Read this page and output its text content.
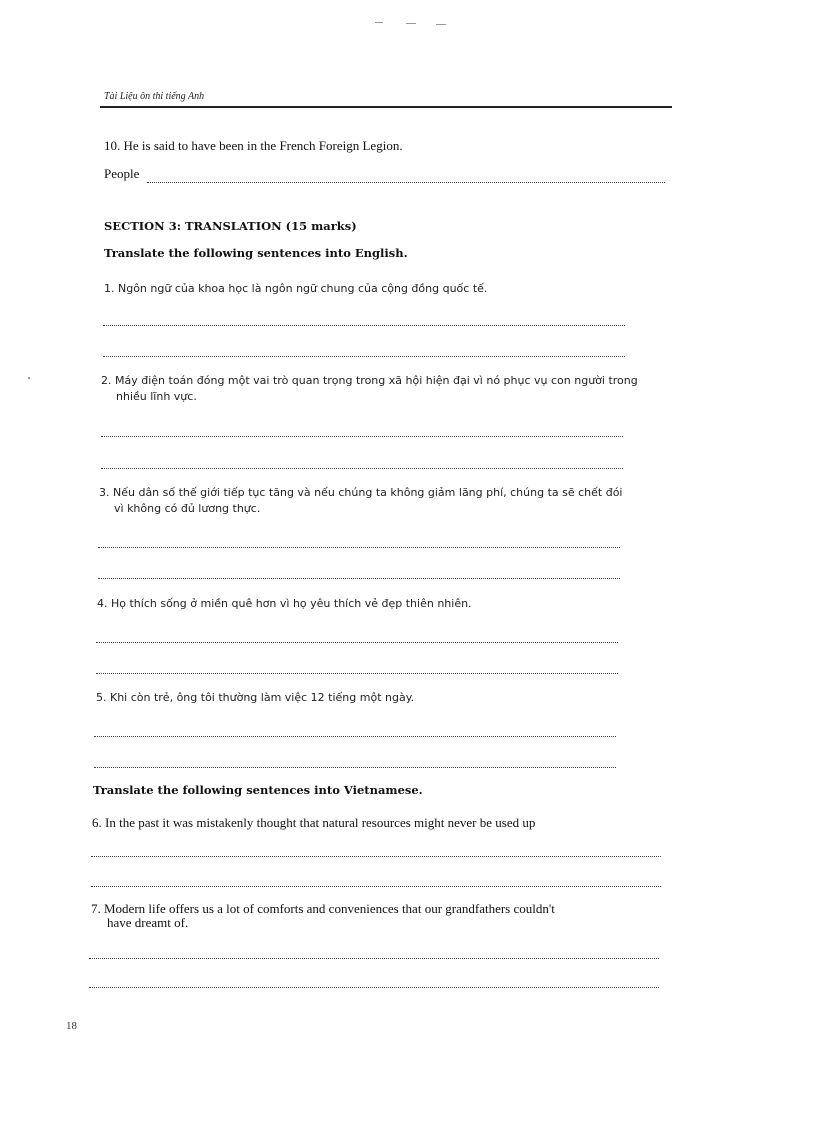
Tài Liệu ôn thi tiếng Anh
10. He is said to have been in the French Foreign Legion.
People
SECTION 3: TRANSLATION (15 marks)
Translate the following sentences into English.
1. Ngôn ngữ của khoa học là ngôn ngữ chung của cộng đồng quốc tế.
2. Máy điện toán đóng một vai trò quan trọng trong xã hội hiện đại vì nó phục vụ con người trong
nhiều lĩnh vực.
3. Nếu dân số thế giới tiếp tục tăng và nếu chúng ta không giảm lãng phí, chúng ta sẽ chết đói
vì không có đủ lương thực.
4. Họ thích sống ở miền quê hơn vì họ yêu thích vẻ đẹp thiên nhiên.
5. Khi còn trẻ, ông tôi thường làm việc 12 tiếng một ngày.
Translate the following sentences into Vietnamese.
6. In the past it was mistakenly thought that natural resources might never be used up
7. Modern life offers us a lot of comforts and conveniences that our grandfathers couldn't
have dreamt of.
18
